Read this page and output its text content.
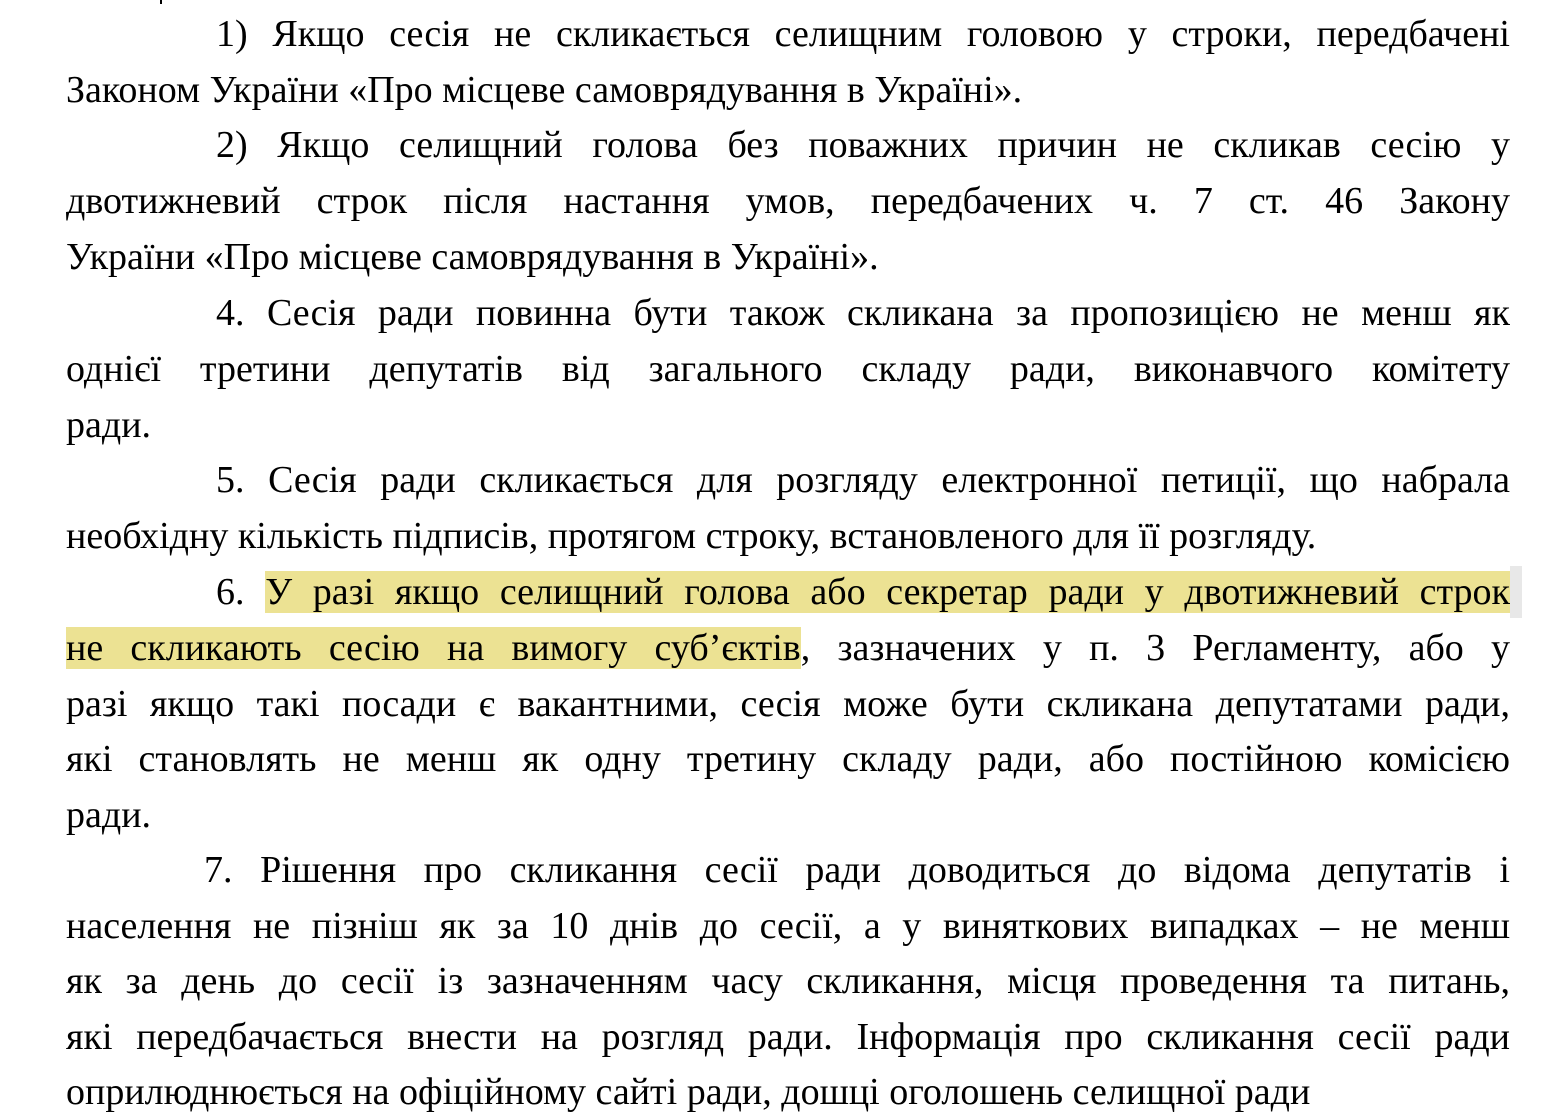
1) Якщо сесія не скликається селищним головою у строки, передбачені
Законом України «Про місцеве самоврядування в Україні».
2) Якщо селищний голова без поважних причин не скликав сесію у
двотижневий строк після настання умов, передбачених ч. 7 ст. 46 Закону
України «Про місцеве самоврядування в Україні».
4. Сесія ради повинна бути також скликана за пропозицією не менш як
однієї третини депутатів від загального складу ради, виконавчого комітету
ради.
5. Сесія ради скликається для розгляду електронної петиції, що набрала
необхідну кількість підписів, протягом строку, встановленого для її розгляду.
6. У разі якщо селищний голова або секретар ради у двотижневий строк
не скликають сесію на вимогу суб’єктів, зазначених у п. 3 Регламенту, або у
разі якщо такі посади є вакантними, сесія може бути скликана депутатами ради,
які становлять не менш як одну третину складу ради, або постійною комісією
ради.
7. Рішення про скликання сесії ради доводиться до відома депутатів і
населення не пізніш як за 10 днів до сесії, а у виняткових випадках – не менш
як за день до сесії із зазначенням часу скликання, місця проведення та питань,
які передбачається внести на розгляд ради. Інформація про скликання сесії ради
оприлюднюється на офіційному сайті ради, дошці оголошень селищної ради
